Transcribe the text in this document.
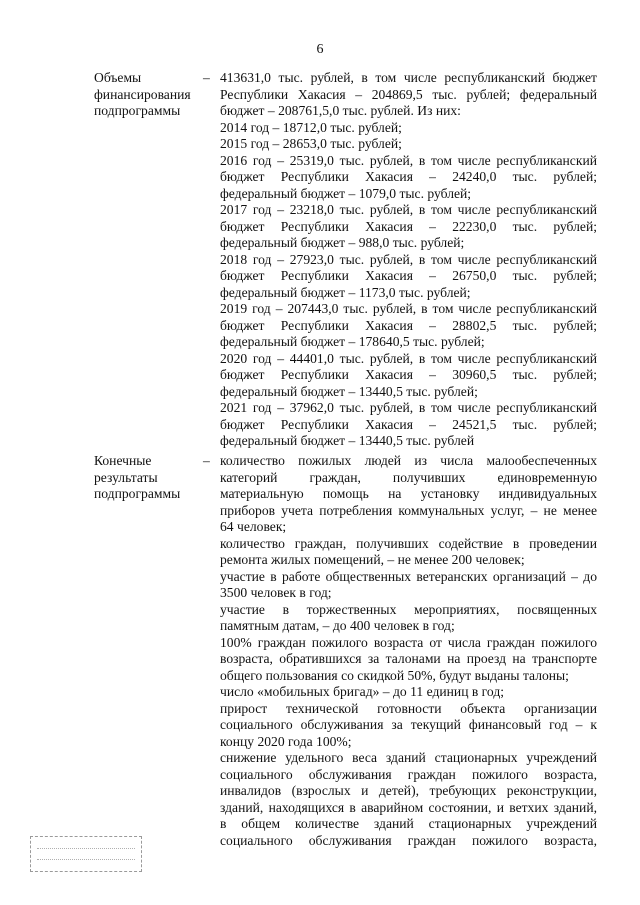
6
Объемы
финансирования
подпрограммы
– 413631,0 тыс. рублей, в том числе республиканский бюджет
Республики Хакасия – 204869,5 тыс. рублей; федеральный
бюджет – 208761,5,0 тыс. рублей. Из них:
2014 год – 18712,0 тыс. рублей;
2015 год – 28653,0 тыс. рублей;
2016 год – 25319,0 тыс. рублей, в том числе республиканский
бюджет Республики Хакасия – 24240,0 тыс. рублей;
федеральный бюджет – 1079,0 тыс. рублей;
2017 год – 23218,0 тыс. рублей, в том числе республиканский
бюджет Республики Хакасия – 22230,0 тыс. рублей;
федеральный бюджет – 988,0 тыс. рублей;
2018 год – 27923,0 тыс. рублей, в том числе республиканский
бюджет Республики Хакасия – 26750,0 тыс. рублей;
федеральный бюджет – 1173,0 тыс. рублей;
2019 год – 207443,0 тыс. рублей, в том числе республиканский
бюджет Республики Хакасия – 28802,5 тыс. рублей;
федеральный бюджет – 178640,5 тыс. рублей;
2020 год – 44401,0 тыс. рублей, в том числе республиканский
бюджет Республики Хакасия – 30960,5 тыс. рублей;
федеральный бюджет – 13440,5 тыс. рублей;
2021 год – 37962,0 тыс. рублей, в том числе республиканский
бюджет Республики Хакасия – 24521,5 тыс. рублей;
федеральный бюджет – 13440,5 тыс. рублей
Конечные
результаты
подпрограммы
– количество пожилых людей из числа малообеспеченных
категорий граждан, получивших единовременную
материальную помощь на установку индивидуальных
приборов учета потребления коммунальных услуг, – не менее
64 человек;
количество граждан, получивших содействие в проведении
ремонта жилых помещений, – не менее 200 человек;
участие в работе общественных ветеранских организаций – до
3500 человек в год;
участие в торжественных мероприятиях, посвященных
памятным датам, – до 400 человек в год;
100% граждан пожилого возраста от числа граждан пожилого
возраста, обратившихся за талонами на проезд на транспорте
общего пользования со скидкой 50%, будут выданы талоны;
число «мобильных бригад» – до 11 единиц в год;
прирост технической готовности объекта организации
социального обслуживания за текущий финансовый год – к
концу 2020 года 100%;
снижение удельного веса зданий стационарных учреждений
социального обслуживания граждан пожилого возраста,
инвалидов (взрослых и детей), требующих реконструкции,
зданий, находящихся в аварийном состоянии, и ветхих зданий,
в общем количестве зданий стационарных учреждений
социального обслуживания граждан пожилого возраста,
